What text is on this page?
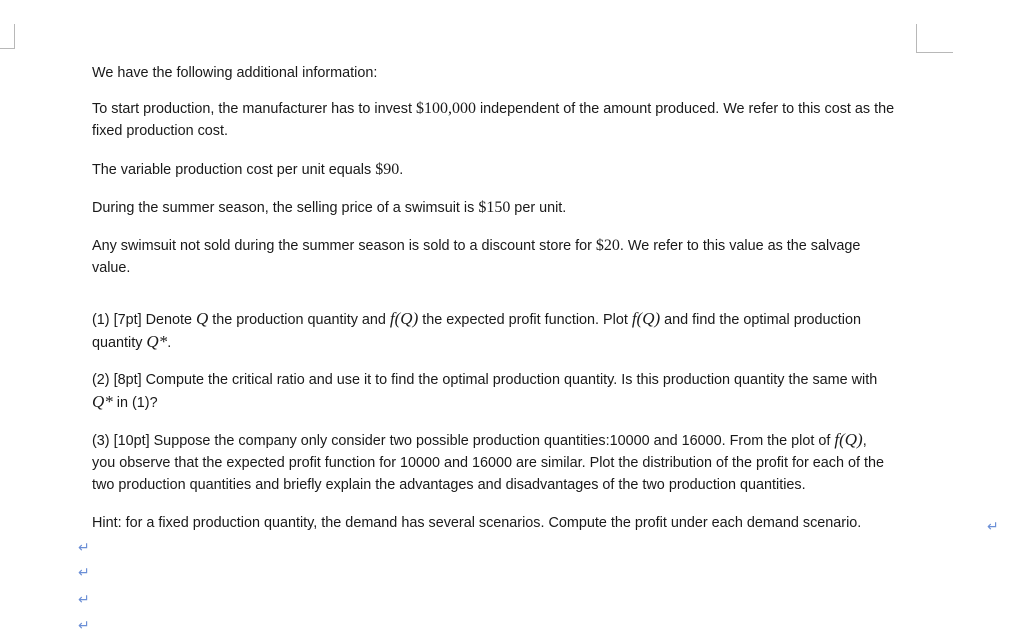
We have the following additional information:

To start production, the manufacturer has to invest $100,000 independent of the amount produced. We refer to this cost as the
fixed production cost.

The variable production cost per unit equals $90.

During the summer season, the selling price of a swimsuit is $150 per unit.

Any swimsuit not sold during the summer season is sold to a discount store for $20. We refer to this value as the salvage
value.
(1) [7pt] Denote Q the production quantity and f(Q) the expected profit function. Plot f(Q) and find the optimal production
quantity Q*.
(2) [8pt] Compute the critical ratio and use it to find the optimal production quantity. Is this production quantity the same with
Q* in (1)?
(3) [10pt] Suppose the company only consider two possible production quantities:10000 and 16000. From the plot of f(Q),
you observe that the expected profit function for 10000 and 16000 are similar. Plot the distribution of the profit for each of the
two production quantities and briefly explain the advantages and disadvantages of the two production quantities.

Hint: for a fixed production quantity, the demand has several scenarios. Compute the profit under each demand scenario.	↵
↵
↵
↵
↵
